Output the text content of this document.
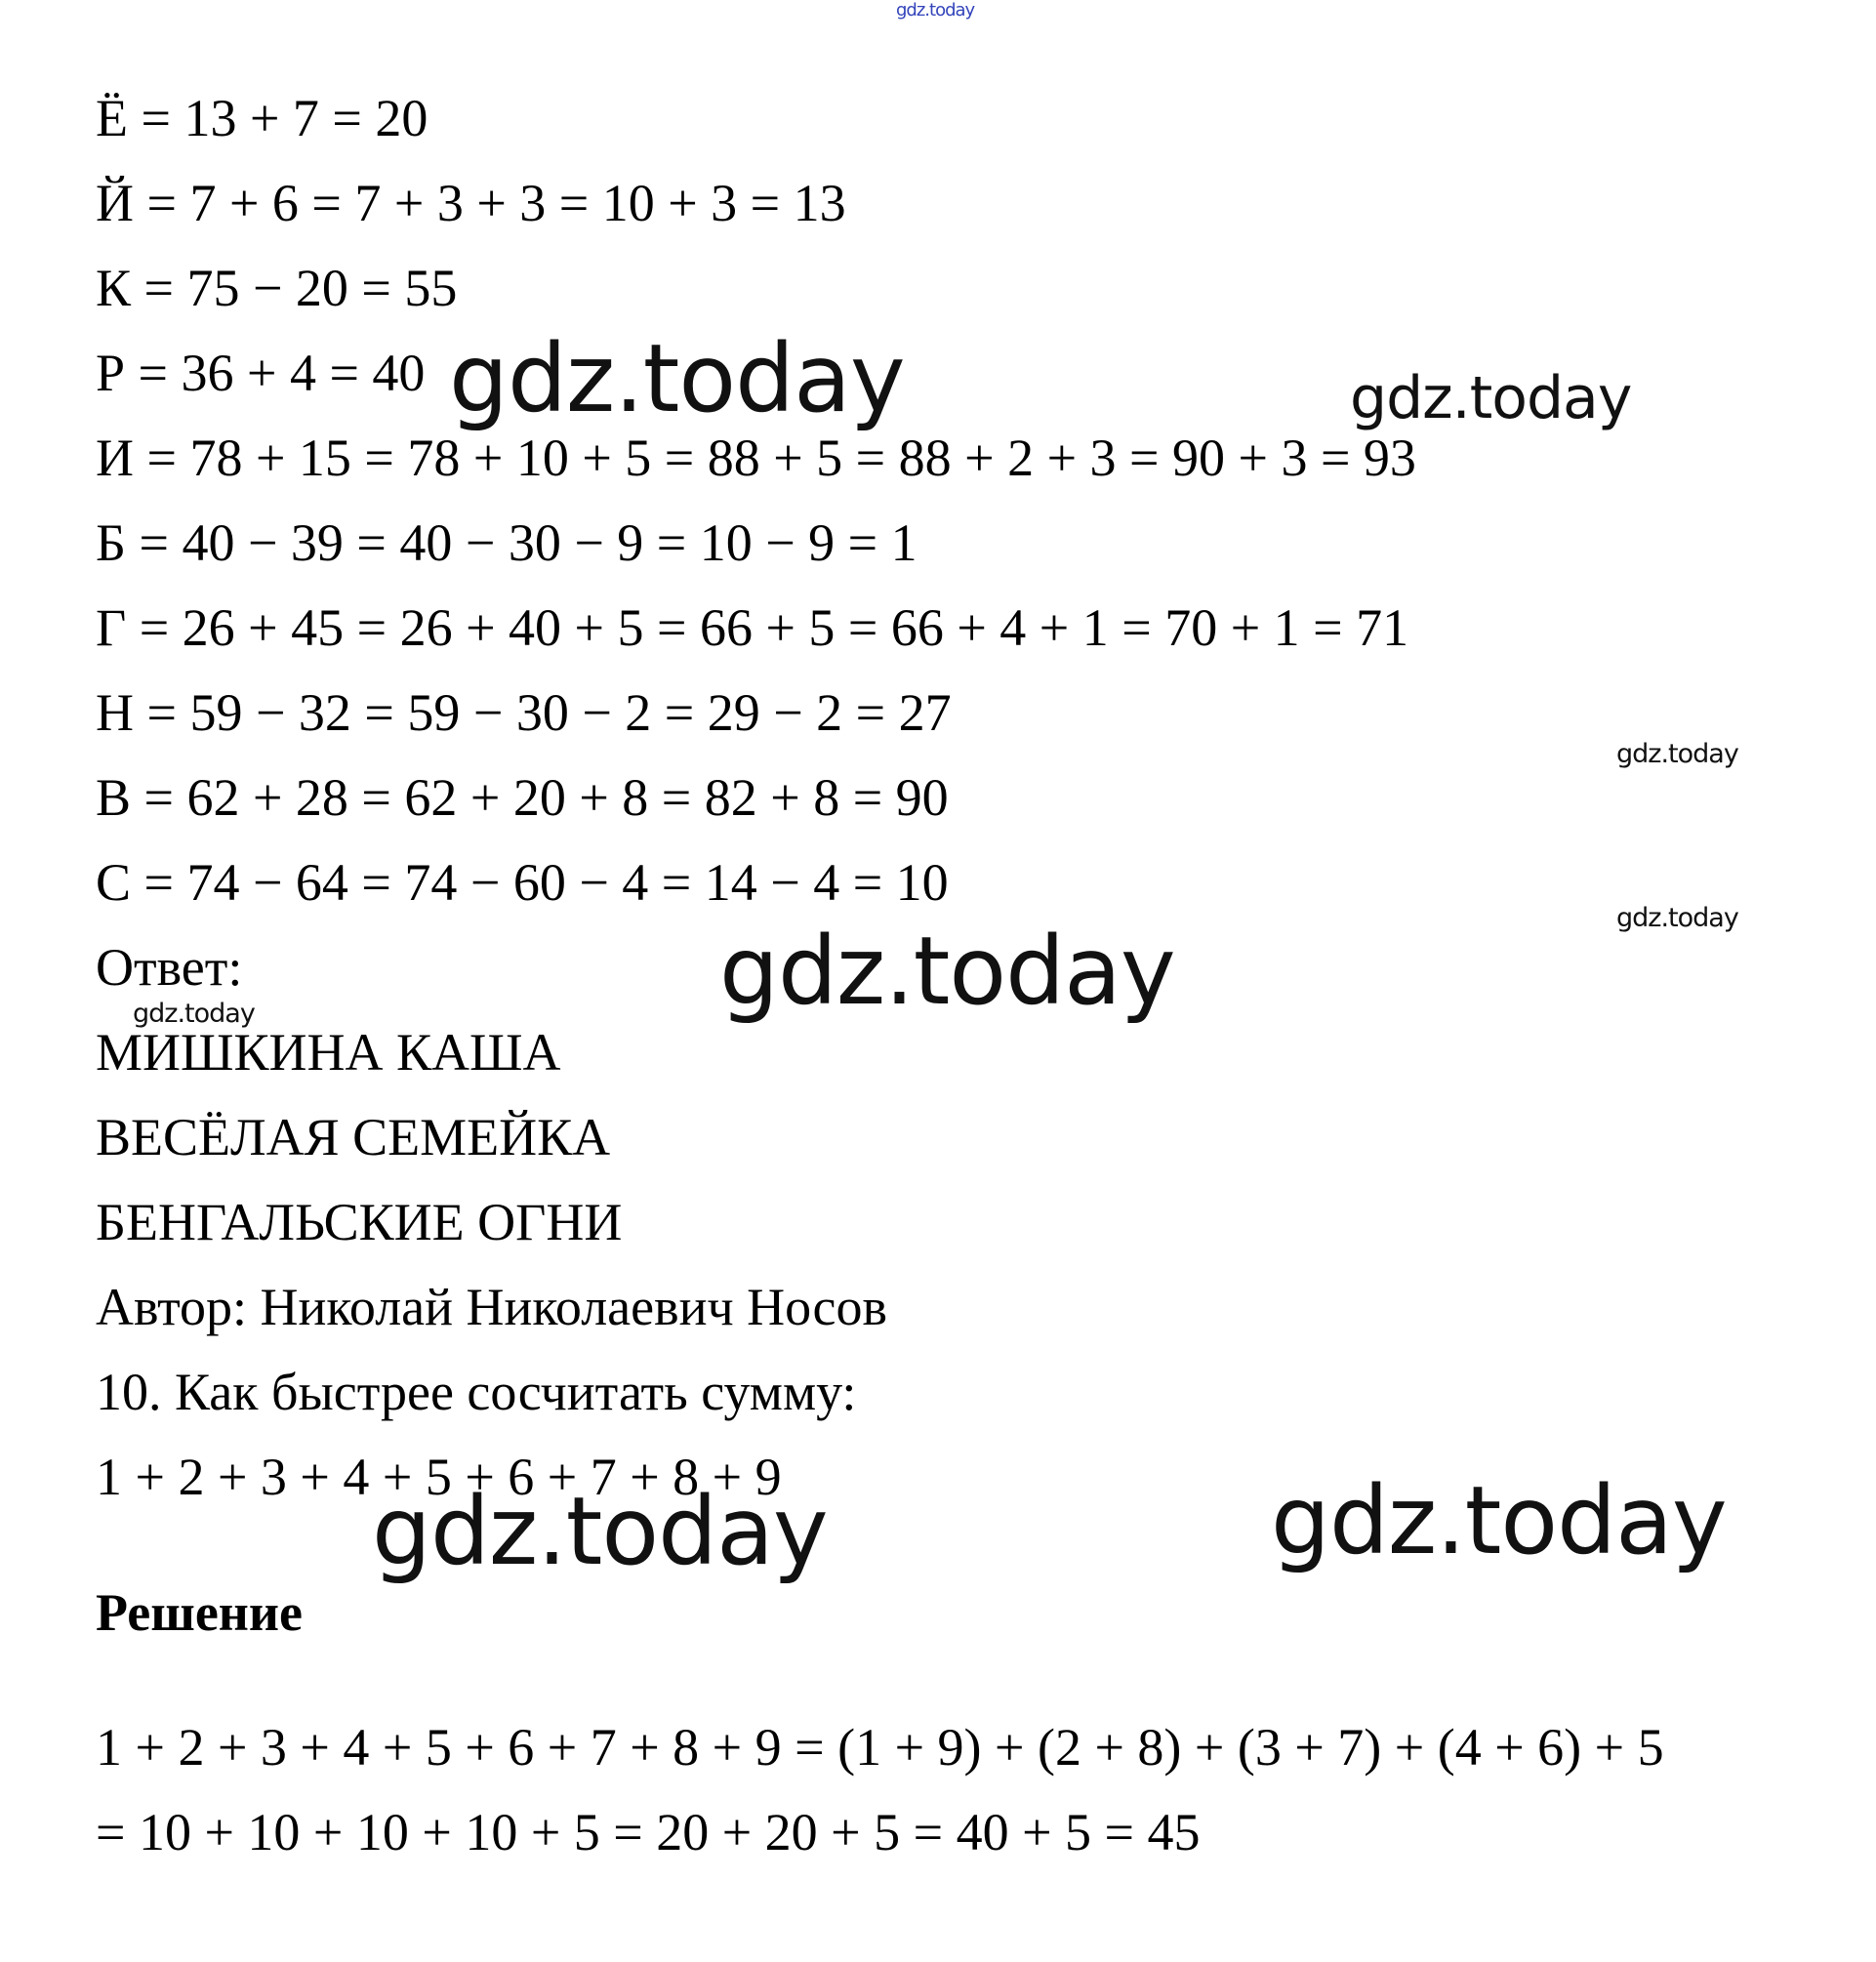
gdz.today
gdz.today	gdz.today
gdz.today
gdz.today
gdz.today
gdz.today
gdz.today	gdz.today
Ё = 13 + 7 = 20
Й = 7 + 6 = 7 + 3 + 3 = 10 + 3 = 13
К = 75 − 20 = 55
Р = 36 + 4 = 40
И = 78 + 15 = 78 + 10 + 5 = 88 + 5 = 88 + 2 + 3 = 90 + 3 = 93
Б = 40 − 39 = 40 − 30 − 9 = 10 − 9 = 1
Г = 26 + 45 = 26 + 40 + 5 = 66 + 5 = 66 + 4 + 1 = 70 + 1 = 71
Н = 59 − 32 = 59 − 30 − 2 = 29 − 2 = 27
В = 62 + 28 = 62 + 20 + 8 = 82 + 8 = 90
С = 74 − 64 = 74 − 60 − 4 = 14 − 4 = 10
Ответ:
МИШКИНА КАША
ВЕСЁЛАЯ СЕМЕЙКА
БЕНГАЛЬСКИЕ ОГНИ
Автор: Николай Николаевич Носов
10. Как быстрее сосчитать сумму:
1 + 2 + 3 + 4 + 5 + 6 + 7 + 8 + 9
Решение
1 + 2 + 3 + 4 + 5 + 6 + 7 + 8 + 9 = (1 + 9) + (2 + 8) + (3 + 7) + (4 + 6) + 5
= 10 + 10 + 10 + 10 + 5 = 20 + 20 + 5 = 40 + 5 = 45
